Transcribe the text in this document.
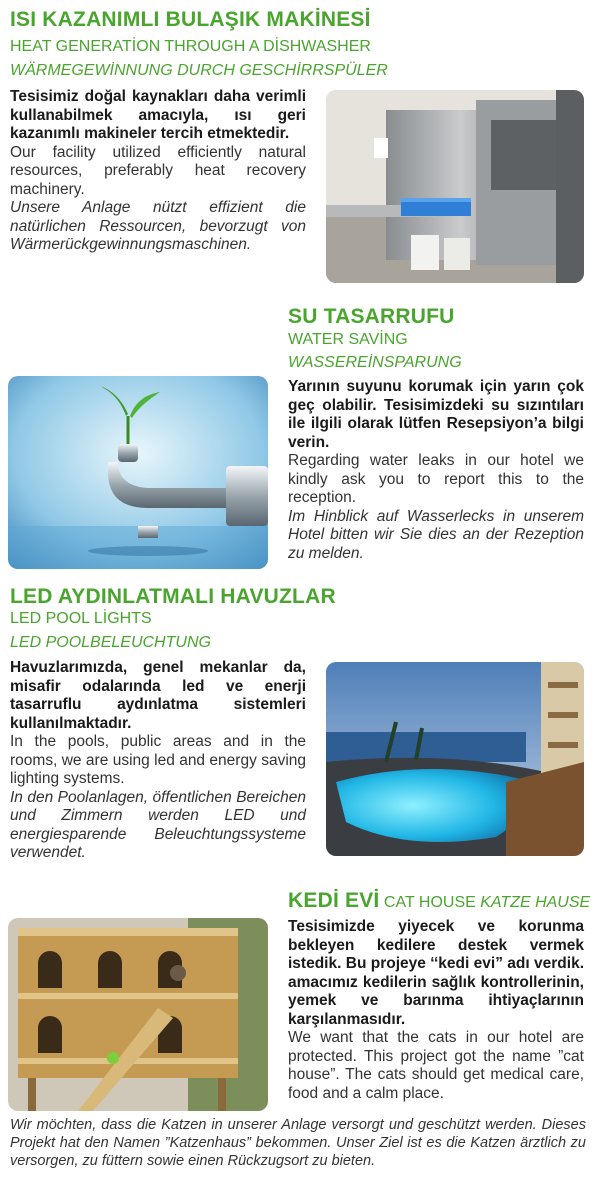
ISI KAZANIMLI BULAŞIK MAKİNESİ
HEAT GENERATİON THROUGH A DİSHWASHER
WÄRMEGEWİNNUNG DURCH GESCHİRRSPÜLER

Tesisimiz doğal kaynakları daha verimli kullanabilmek amacıyla, ısı geri kazanımlı makineler tercih etmektedir.

Our facility utilized efficiently natural resources, preferably heat recovery machinery.

Unsere Anlage nützt effizient die natürlichen Ressourcen, bevorzugt von Wärmerückgewinnungsmaschinen.

SU TASARRUFU
WATER SAVİNG
WASSEREİNSPARUNG

Yarının suyunu korumak için yarın çok geç olabilir. Tesisimizdeki su sızıntıları ile ilgili olarak lütfen Resepsiyon’a bilgi verin.

Regarding water leaks in our hotel we kindly ask you to report this to the reception.

Im Hinblick auf Wasserlecks in unserem Hotel bitten wir Sie dies an der Rezeption zu melden.

LED AYDINLATMALI HAVUZLAR
LED POOL LİGHTS
LED POOLBELEUCHTUNG

Havuzlarımızda, genel mekanlar da, misafir odalarında led ve enerji tasarruflu aydınlatma sistemleri kullanılmaktadır.

In the pools, public areas and in the rooms, we are using led and energy saving lighting systems.

In den Poolanlagen, öffentlichen Bereichen und Zimmern werden LED und energiesparende Beleuchtungssysteme verwendet.

KEDİ EVİ CAT HOUSE KATZE HAUSE

Tesisimizde yiyecek ve korunma bekleyen kedilere destek vermek istedik. Bu projeye ‘‘kedi evi” adı verdik. amacımız kedilerin sağlık kontrollerinin, yemek ve barınma ihtiyaçlarının karşılanmasıdır.

We want that the cats in our hotel are protected. This project got the name ”cat house”. The cats should get medical care, food and a calm place.

Wir möchten, dass die Katzen in unserer Anlage versorgt und geschützt werden. Dieses Projekt hat den Namen ”Katzenhaus” bekommen. Unser Ziel ist es die Katzen ärztlich zu versorgen, zu füttern sowie einen Rückzugsort zu bieten.
